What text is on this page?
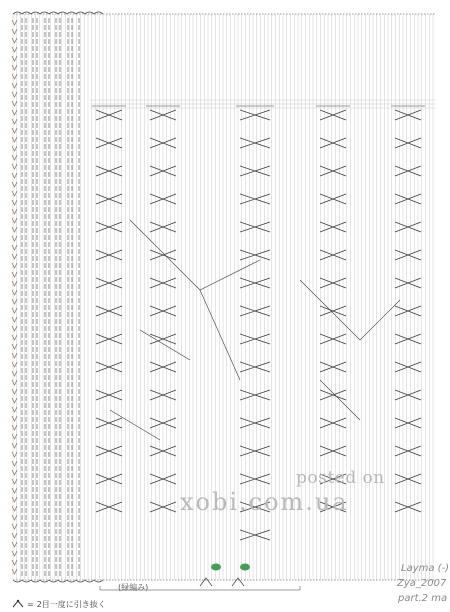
posted on
xobi.com.ua
Layma (-)
Zya_2007
part.2 ma
(緑編み)
= 2目一度に引き抜く
